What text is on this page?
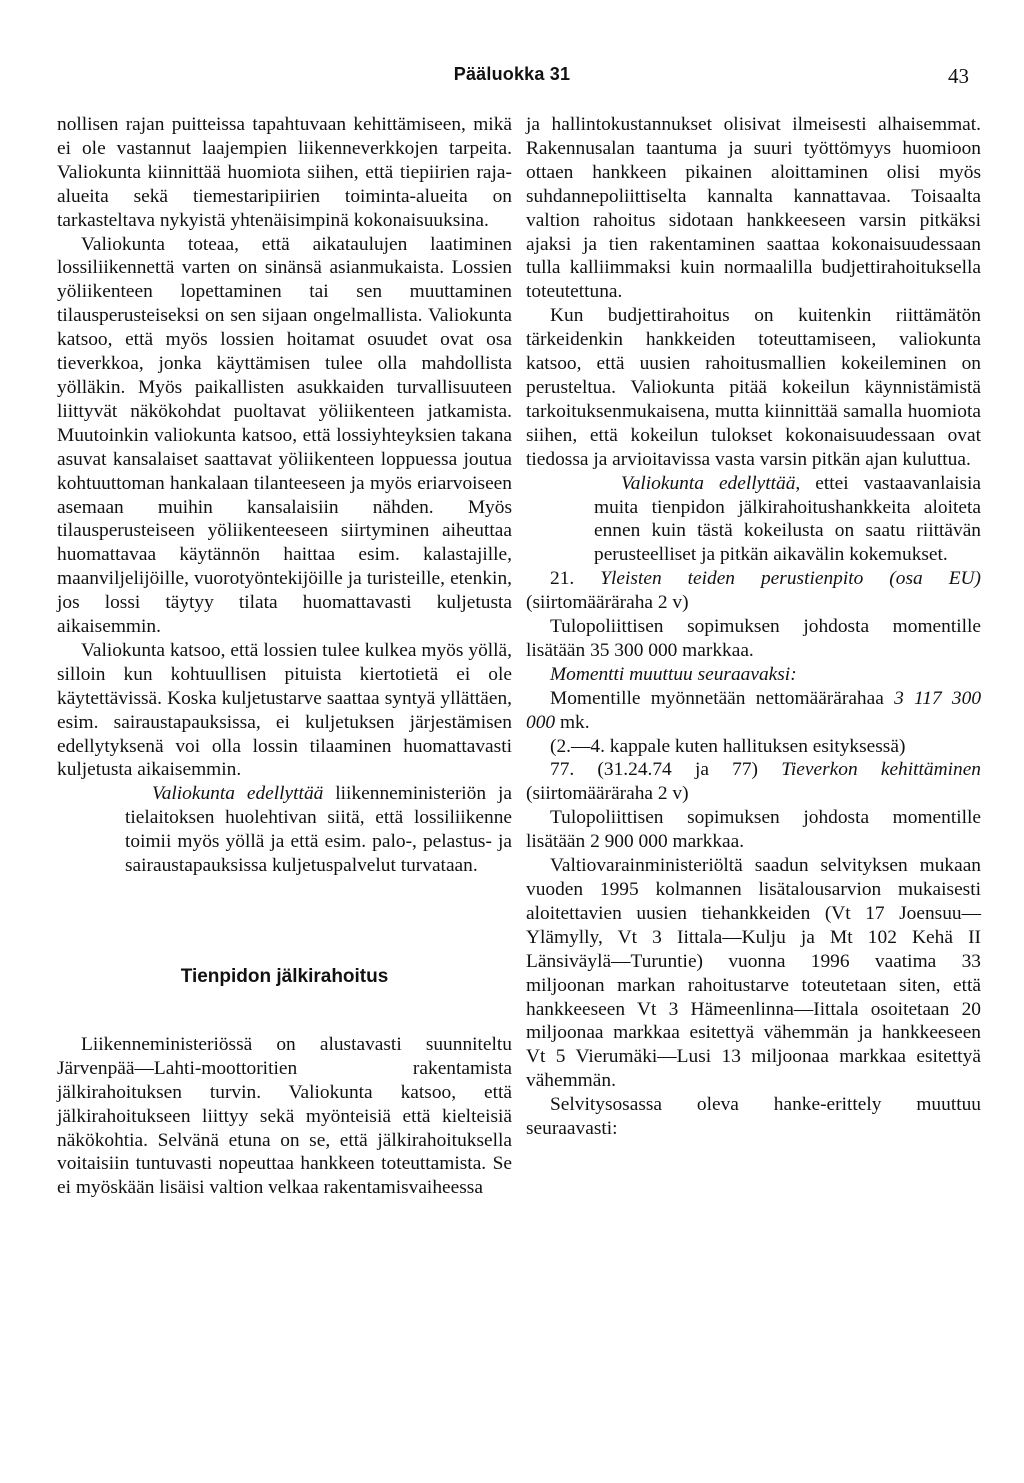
Pääluokka 31	43

nollisen rajan puitteissa tapahtuvaan kehittämiseen, mikä ei ole vastannut laajempien liikenneverkkojen tarpeita. Valiokunta kiinnittää huomiota siihen, että tiepiirien raja-alueita sekä tiemestaripiirien toiminta-alueita on tarkasteltava nykyistä yhtenäisimpinä kokonaisuuksina.

Valiokunta toteaa, että aikataulujen laatiminen lossiliikennettä varten on sinänsä asianmukaista. Lossien yöliikenteen lopettaminen tai sen muuttaminen tilausperusteiseksi on sen sijaan ongelmallista. Valiokunta katsoo, että myös lossien hoitamat osuudet ovat osa tieverkkoa, jonka käyttämisen tulee olla mahdollista yölläkin. Myös paikallisten asukkaiden turvallisuuteen liittyvät näkökohdat puoltavat yöliikenteen jatkamista. Muutoinkin valiokunta katsoo, että lossiyhteyksien takana asuvat kansalaiset saattavat yöliikenteen loppuessa joutua kohtuuttoman hankalaan tilanteeseen ja myös eriarvoiseen asemaan muihin kansalaisiin nähden. Myös tilausperusteiseen yöliikenteeseen siirtyminen aiheuttaa huomattavaa käytännön haittaa esim. kalastajille, maanviljelijöille, vuorotyöntekijöille ja turisteille, etenkin, jos lossi täytyy tilata huomattavasti kuljetusta aikaisemmin.

Valiokunta katsoo, että lossien tulee kulkea myös yöllä, silloin kun kohtuullisen pituista kiertotietä ei ole käytettävissä. Koska kuljetustarve saattaa syntyä yllättäen, esim. sairaustapauksissa, ei kuljetuksen järjestämisen edellytyksenä voi olla lossin tilaaminen huomattavasti kuljetusta aikaisemmin.

Valiokunta edellyttää liikenneministeriön ja tielaitoksen huolehtivan siitä, että lossiliikenne toimii myös yöllä ja että esim. palo-, pelastus- ja sairaustapauksissa kuljetuspalvelut turvataan.

Tienpidon jälkirahoitus

Liikenneministeriössä on alustavasti suunniteltu Järvenpää—Lahti-moottoritien rakentamista jälkirahoituksen turvin. Valiokunta katsoo, että jälkirahoitukseen liittyy sekä myönteisiä että kielteisiä näkökohtia. Selvänä etuna on se, että jälkirahoituksella voitaisiin tuntuvasti nopeuttaa hankkeen toteuttamista. Se ei myöskään lisäisi valtion velkaa rakentamisvaiheessa

ja hallintokustannukset olisivat ilmeisesti alhaisemmat. Rakennusalan taantuma ja suuri työttömyys huomioon ottaen hankkeen pikainen aloittaminen olisi myös suhdannepoliittiselta kannalta kannattavaa. Toisaalta valtion rahoitus sidotaan hankkeeseen varsin pitkäksi ajaksi ja tien rakentaminen saattaa kokonaisuudessaan tulla kalliimmaksi kuin normaalilla budjettirahoituksella toteutettuna.

Kun budjettirahoitus on kuitenkin riittämätön tärkeidenkin hankkeiden toteuttamiseen, valiokunta katsoo, että uusien rahoitusmallien kokeileminen on perusteltua. Valiokunta pitää kokeilun käynnistämistä tarkoituksenmukaisena, mutta kiinnittää samalla huomiota siihen, että kokeilun tulokset kokonaisuudessaan ovat tiedossa ja arvioitavissa vasta varsin pitkän ajan kuluttua.

Valiokunta edellyttää, ettei vastaavanlaisia muita tienpidon jälkirahoitushankkeita aloiteta ennen kuin tästä kokeilusta on saatu riittävän perusteelliset ja pitkän aikavälin kokemukset.

21. Yleisten teiden perustienpito (osa EU) (siirtomääräraha 2 v)

Tulopoliittisen sopimuksen johdosta momentille lisätään 35 300 000 markkaa.

Momentti muuttuu seuraavaksi:

Momentille myönnetään nettomäärärahaa 3 117 300 000 mk.

(2.—4. kappale kuten hallituksen esityksessä)

77. (31.24.74 ja 77) Tieverkon kehittäminen (siirtomääräraha 2 v)

Tulopoliittisen sopimuksen johdosta momentille lisätään 2 900 000 markkaa.

Valtiovarainministeriöltä saadun selvityksen mukaan vuoden 1995 kolmannen lisätalousarvion mukaisesti aloitettavien uusien tiehankkeiden (Vt 17 Joensuu—Ylämylly, Vt 3 Iittala—Kulju ja Mt 102 Kehä II Länsiväylä—Turuntie) vuonna 1996 vaatima 33 miljoonan markan rahoitustarve toteutetaan siten, että hankkeeseen Vt 3 Hämeenlinna—Iittala osoitetaan 20 miljoonaa markkaa esitettyä vähemmän ja hankkeeseen Vt 5 Vierumäki—Lusi 13 miljoonaa markkaa esitettyä vähemmän.

Selvitysosassa oleva hanke-erittely muuttuu seuraavasti:
